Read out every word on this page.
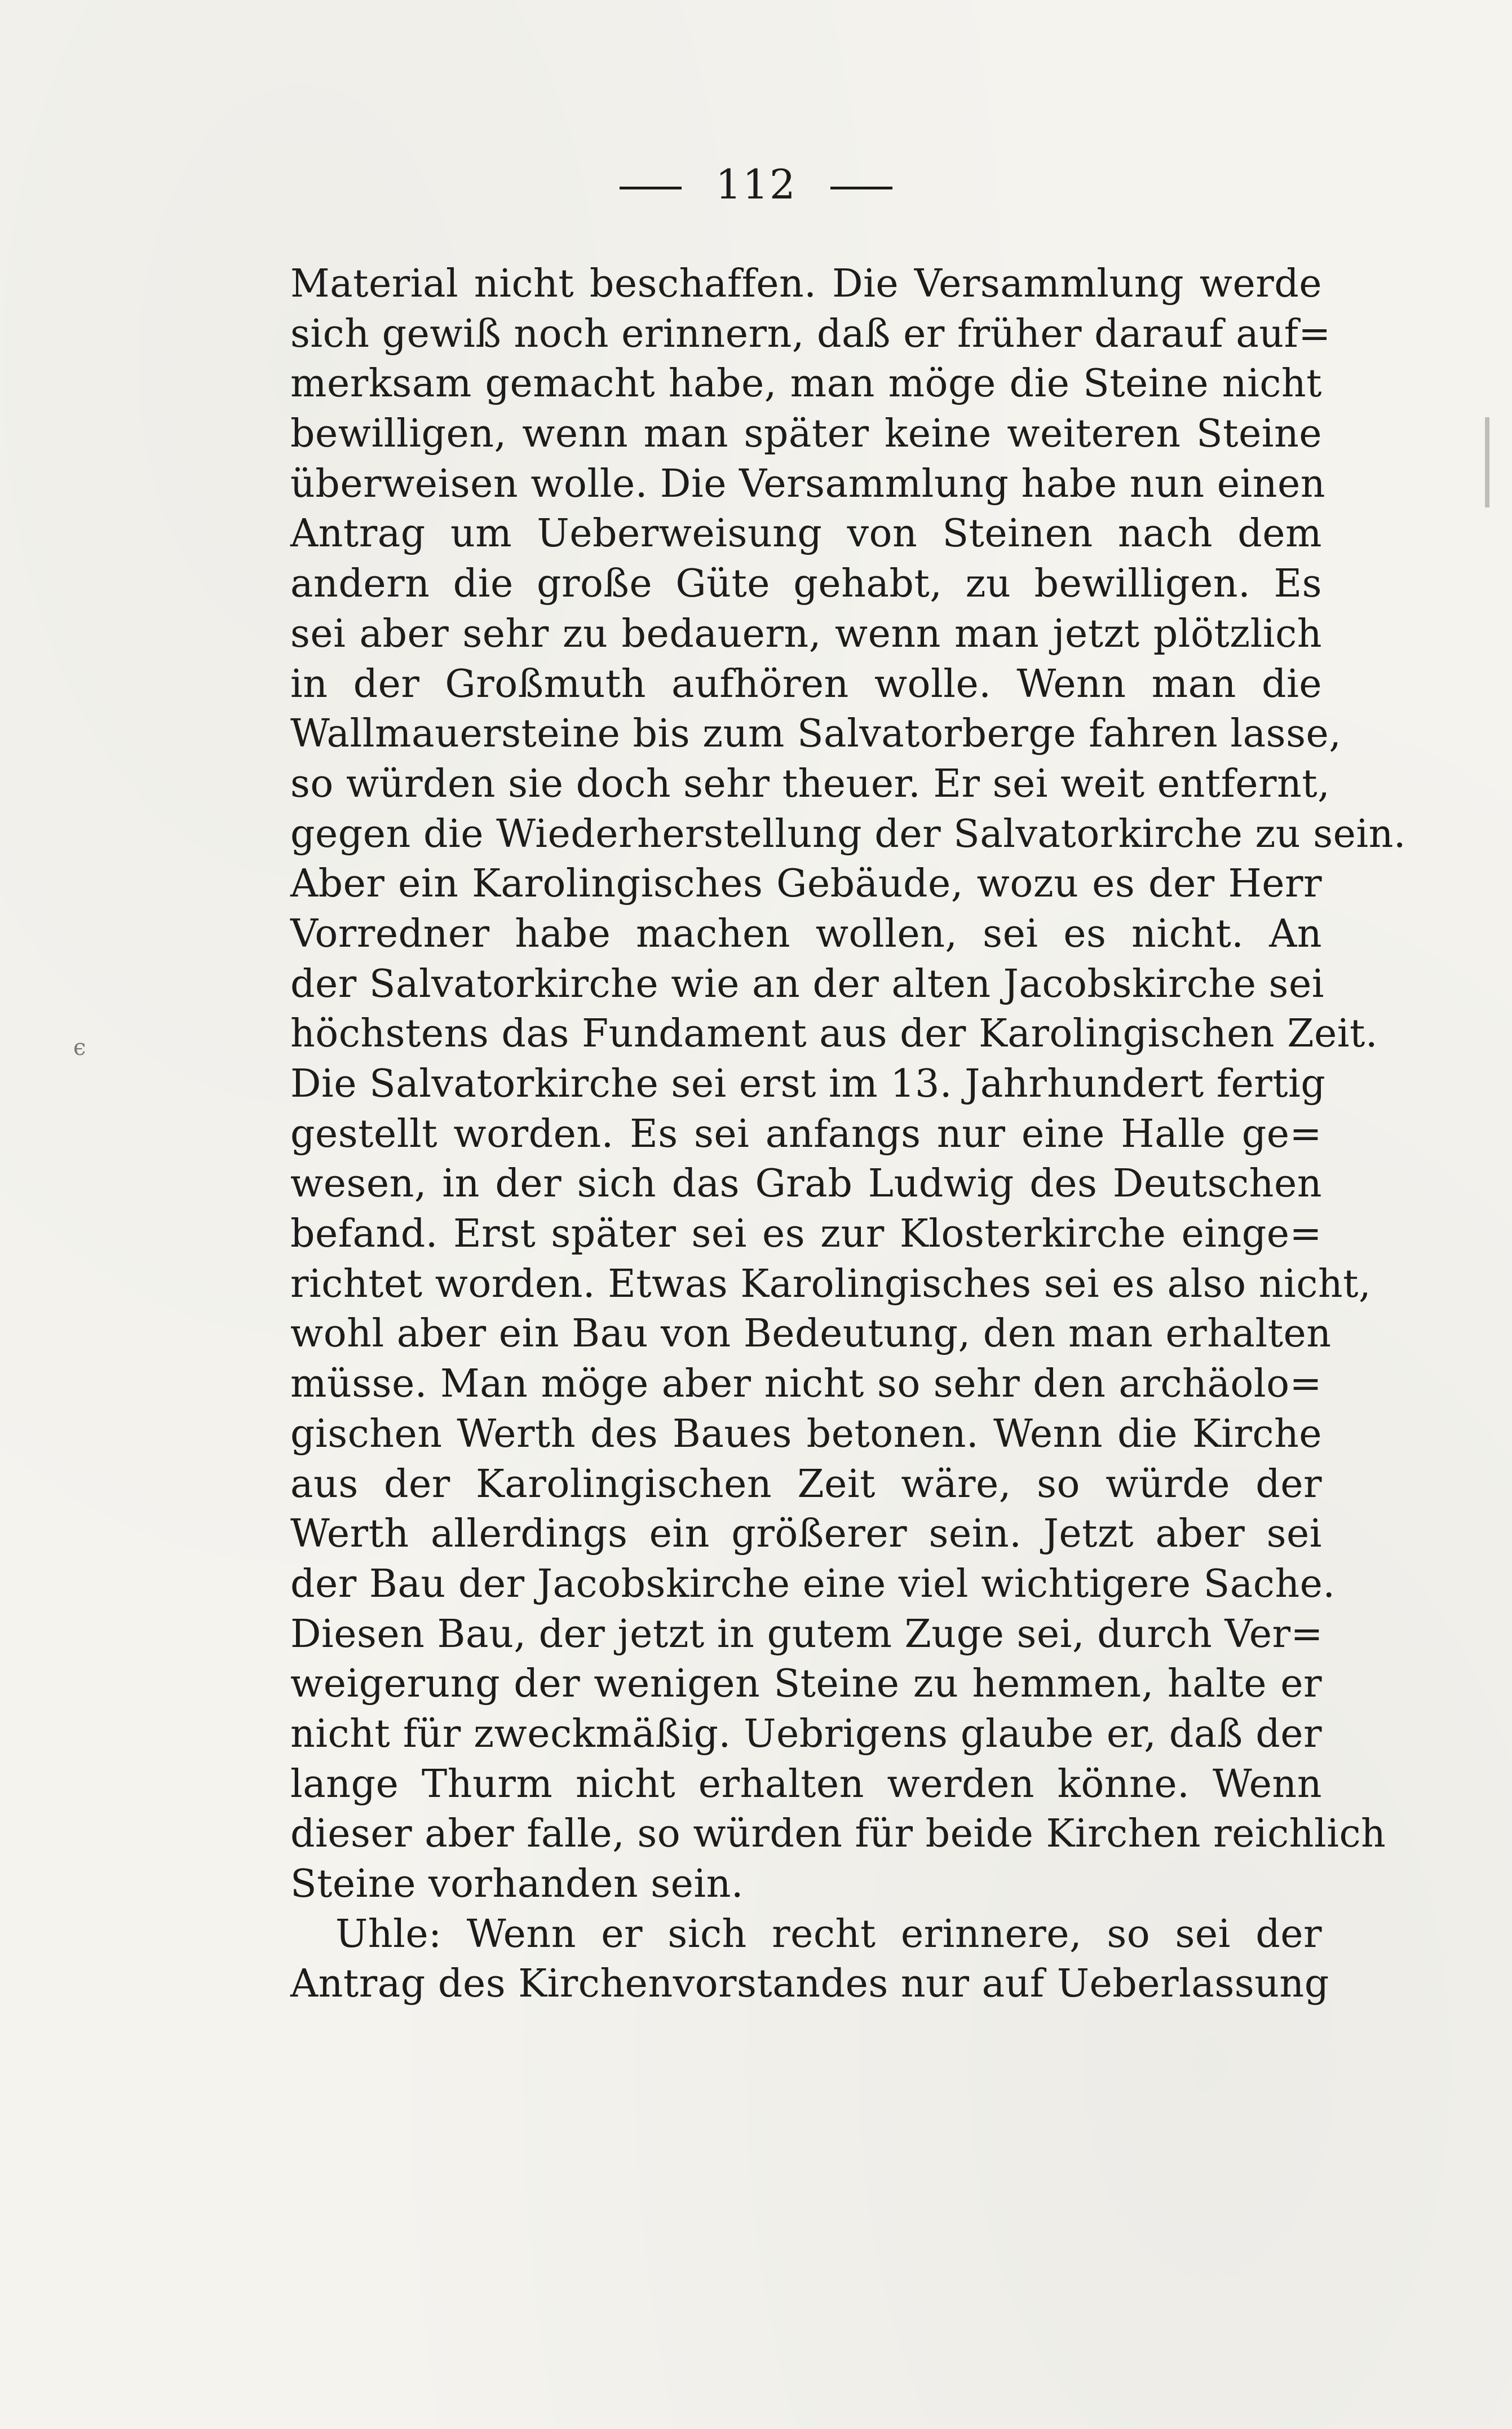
112
є
Material nicht beschaffen. Die Versammlung werde
sich gewiß noch erinnern, daß er früher darauf auf=
merksam gemacht habe, man möge die Steine nicht
bewilligen, wenn man später keine weiteren Steine
überweisen wolle. Die Versammlung habe nun einen
Antrag um Ueberweisung von Steinen nach dem
andern die große Güte gehabt, zu bewilligen. Es
sei aber sehr zu bedauern, wenn man jetzt plötzlich
in der Großmuth aufhören wolle. Wenn man die
Wallmauersteine bis zum Salvatorberge fahren lasse,
so würden sie doch sehr theuer. Er sei weit entfernt,
gegen die Wiederherstellung der Salvatorkirche zu sein.
Aber ein Karolingisches Gebäude, wozu es der Herr
Vorredner habe machen wollen, sei es nicht. An
der Salvatorkirche wie an der alten Jacobskirche sei
höchstens das Fundament aus der Karolingischen Zeit.
Die Salvatorkirche sei erst im 13. Jahrhundert fertig
gestellt worden. Es sei anfangs nur eine Halle ge=
wesen, in der sich das Grab Ludwig des Deutschen
befand. Erst später sei es zur Klosterkirche einge=
richtet worden. Etwas Karolingisches sei es also nicht,
wohl aber ein Bau von Bedeutung, den man erhalten
müsse. Man möge aber nicht so sehr den archäolo=
gischen Werth des Baues betonen. Wenn die Kirche
aus der Karolingischen Zeit wäre, so würde der
Werth allerdings ein größerer sein. Jetzt aber sei
der Bau der Jacobskirche eine viel wichtigere Sache.
Diesen Bau, der jetzt in gutem Zuge sei, durch Ver=
weigerung der wenigen Steine zu hemmen, halte er
nicht für zweckmäßig. Uebrigens glaube er, daß der
lange Thurm nicht erhalten werden könne. Wenn
dieser aber falle, so würden für beide Kirchen reichlich
Steine vorhanden sein.
Uhle: Wenn er sich recht erinnere, so sei der
Antrag des Kirchenvorstandes nur auf Ueberlassung
